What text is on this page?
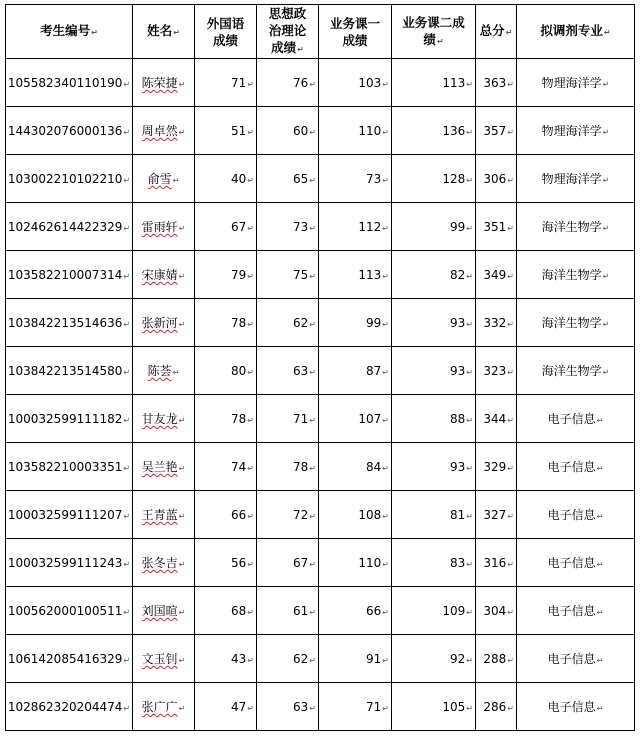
考生编号↵	姓名↵	外国语
成绩	思想政
治理论
成绩↵	业务课一
成绩	业务课二成
绩↵	总分↵	拟调剂专业↵
105582340110190↵	陈荣捷↵	71↵	76↵	103↵	113↵	363↵	物理海洋学↵
144302076000136↵	周卓然↵	51↵	60↵	110↵	136↵	357↵	物理海洋学↵
103002210102210↵	俞雪↵	40↵	65↵	73↵	128↵	306↵	物理海洋学↵
102462614422329↵	雷雨轩↵	67↵	73↵	112↵	99↵	351↵	海洋生物学↵
103582210007314↵	宋康婧↵	79↵	75↵	113↵	82↵	349↵	海洋生物学↵
103842213514636↵	张新河↵	78↵	62↵	99↵	93↵	332↵	海洋生物学↵
103842213514580↵	陈荟↵	80↵	63↵	87↵	93↵	323↵	海洋生物学↵
100032599111182↵	甘友龙↵	78↵	71↵	107↵	88↵	344↵	电子信息↵
103582210003351↵	吴兰艳↵	74↵	78↵	84↵	93↵	329↵	电子信息↵
100032599111207↵	王青蓝↵	66↵	72↵	108↵	81↵	327↵	电子信息↵
100032599111243↵	张冬吉↵	56↵	67↵	110↵	83↵	316↵	电子信息↵
100562000100511↵	刘国暄↵	68↵	61↵	66↵	109↵	304↵	电子信息↵
106142085416329↵	文玉钊↵	43↵	62↵	91↵	92↵	288↵	电子信息↵
102862320204474↵	张广广↵	47↵	63↵	71↵	105↵	286↵	电子信息↵
